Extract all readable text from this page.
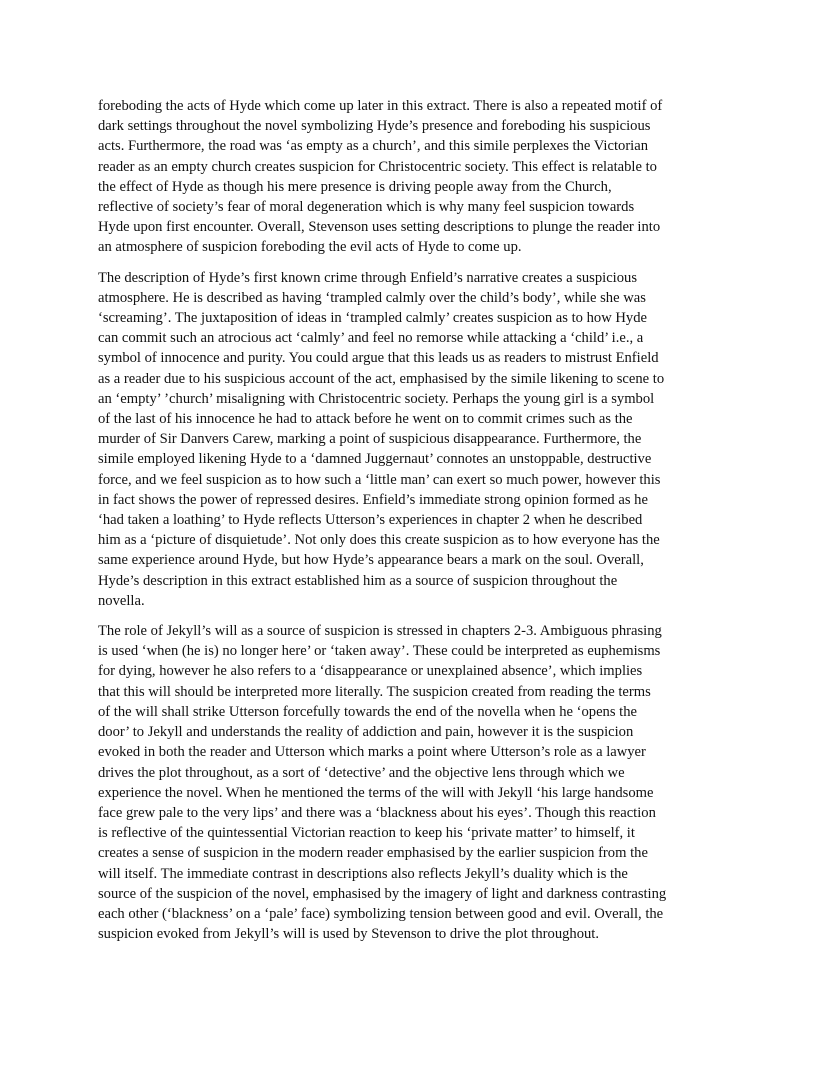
foreboding the acts of Hyde which come up later in this extract. There is also a repeated motif of
dark settings throughout the novel symbolizing Hyde’s presence and foreboding his suspicious
acts. Furthermore, the road was ‘as empty as a church’, and this simile perplexes the Victorian
reader as an empty church creates suspicion for Christocentric society. This effect is relatable to
the effect of Hyde as though his mere presence is driving people away from the Church,
reflective of society’s fear of moral degeneration which is why many feel suspicion towards
Hyde upon first encounter. Overall, Stevenson uses setting descriptions to plunge the reader into
an atmosphere of suspicion foreboding the evil acts of Hyde to come up.

The description of Hyde’s first known crime through Enfield’s narrative creates a suspicious
atmosphere. He is described as having ‘trampled calmly over the child’s body’, while she was
‘screaming’. The juxtaposition of ideas in ‘trampled calmly’ creates suspicion as to how Hyde
can commit such an atrocious act ‘calmly’ and feel no remorse while attacking a ‘child’ i.e., a
symbol of innocence and purity. You could argue that this leads us as readers to mistrust Enfield
as a reader due to his suspicious account of the act, emphasised by the simile likening to scene to
an ‘empty’ ’church’ misaligning with Christocentric society. Perhaps the young girl is a symbol
of the last of his innocence he had to attack before he went on to commit crimes such as the
murder of Sir Danvers Carew, marking a point of suspicious disappearance. Furthermore, the
simile employed likening Hyde to a ‘damned Juggernaut’ connotes an unstoppable, destructive
force, and we feel suspicion as to how such a ‘little man’ can exert so much power, however this
in fact shows the power of repressed desires. Enfield’s immediate strong opinion formed as he
‘had taken a loathing’ to Hyde reflects Utterson’s experiences in chapter 2 when he described
him as a ‘picture of disquietude’. Not only does this create suspicion as to how everyone has the
same experience around Hyde, but how Hyde’s appearance bears a mark on the soul. Overall,
Hyde’s description in this extract established him as a source of suspicion throughout the
novella.

The role of Jekyll’s will as a source of suspicion is stressed in chapters 2-3. Ambiguous phrasing
is used ‘when (he is) no longer here’ or ‘taken away’. These could be interpreted as euphemisms
for dying, however he also refers to a ‘disappearance or unexplained absence’, which implies
that this will should be interpreted more literally. The suspicion created from reading the terms
of the will shall strike Utterson forcefully towards the end of the novella when he ‘opens the
door’ to Jekyll and understands the reality of addiction and pain, however it is the suspicion
evoked in both the reader and Utterson which marks a point where Utterson’s role as a lawyer
drives the plot throughout, as a sort of ‘detective’ and the objective lens through which we
experience the novel. When he mentioned the terms of the will with Jekyll ‘his large handsome
face grew pale to the very lips’ and there was a ‘blackness about his eyes’. Though this reaction
is reflective of the quintessential Victorian reaction to keep his ‘private matter’ to himself, it
creates a sense of suspicion in the modern reader emphasised by the earlier suspicion from the
will itself. The immediate contrast in descriptions also reflects Jekyll’s duality which is the
source of the suspicion of the novel, emphasised by the imagery of light and darkness contrasting
each other (‘blackness’ on a ‘pale’ face) symbolizing tension between good and evil. Overall, the
suspicion evoked from Jekyll’s will is used by Stevenson to drive the plot throughout.
